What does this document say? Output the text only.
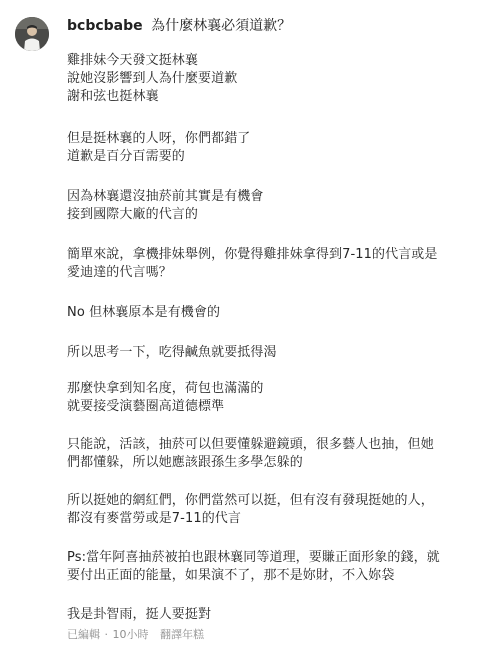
bcbcbabe 為什麼林襄必須道歉？
雞排妹今天發文挺林襄
說她沒影響到人為什麼要道歉
謝和弦也挺林襄
但是挺林襄的人呀，你們都錯了
道歉是百分百需要的
因為林襄還沒抽菸前其實是有機會
接到國際大廠的代言的
簡單來說，拿機排妹舉例，你覺得雞排妹拿得到7-11的代言或是
愛迪達的代言嗎？
No 但林襄原本是有機會的
所以思考一下，吃得鹹魚就要抵得渴
那麼快拿到知名度，荷包也滿滿的
就要接受演藝圈高道德標準
只能說，活該，抽菸可以但要懂躲避鏡頭，很多藝人也抽，但她
們都懂躲，所以她應該跟孫生多學怎躲的
所以挺她的網紅們，你們當然可以挺，但有沒有發現挺她的人，
都沒有麥當勞或是7-11的代言
Ps:當年阿喜抽菸被拍也跟林襄同等道理，要賺正面形象的錢，就
要付出正面的能量，如果演不了，那不是妳財，不入妳袋
我是卦智雨，挺人要挺對
已編輯 · 10小時 翻譯年糕
